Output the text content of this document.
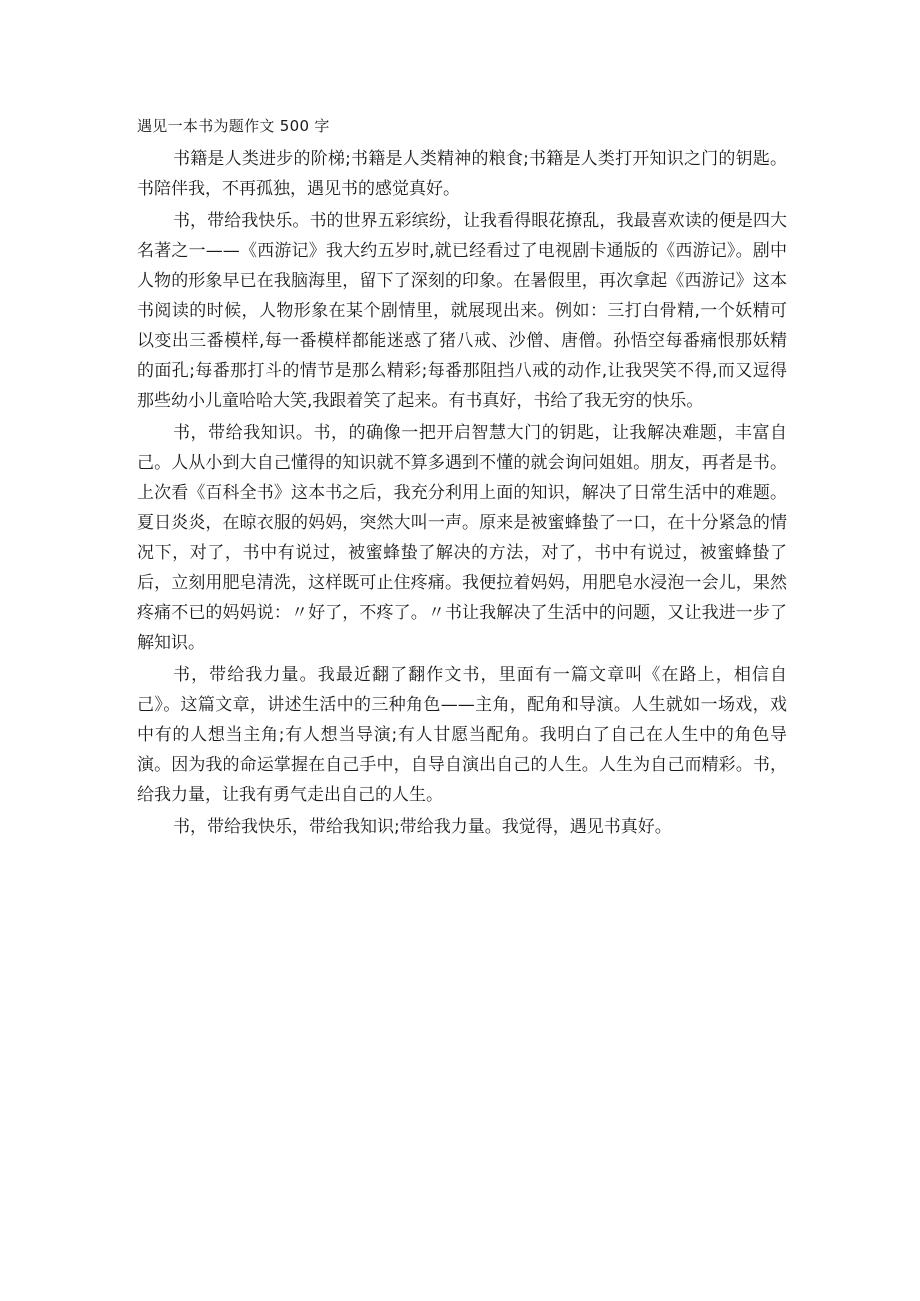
遇见一本书为题作文 500 字

书籍是人类进步的阶梯;书籍是人类精神的粮食;书籍是人类打开知识之门的钥匙。书陪伴我，不再孤独，遇见书的感觉真好。

书，带给我快乐。书的世界五彩缤纷，让我看得眼花撩乱，我最喜欢读的便是四大名著之一——《西游记》我大约五岁时,就已经看过了电视剧卡通版的《西游记》。剧中人物的形象早已在我脑海里，留下了深刻的印象。在暑假里，再次拿起《西游记》这本书阅读的时候，人物形象在某个剧情里，就展现出来。例如：三打白骨精,一个妖精可以变出三番模样,每一番模样都能迷惑了猪八戒、沙僧、唐僧。孙悟空每番痛恨那妖精的面孔;每番那打斗的情节是那么精彩;每番那阻挡八戒的动作,让我哭笑不得,而又逗得那些幼小儿童哈哈大笑,我跟着笑了起来。有书真好，书给了我无穷的快乐。

书，带给我知识。书，的确像一把开启智慧大门的钥匙，让我解决难题，丰富自己。人从小到大自己懂得的知识就不算多遇到不懂的就会询问姐姐。朋友，再者是书。上次看《百科全书》这本书之后，我充分利用上面的知识，解决了日常生活中的难题。夏日炎炎，在晾衣服的妈妈，突然大叫一声。原来是被蜜蜂蛰了一口，在十分紧急的情况下，对了，书中有说过，被蜜蜂蛰了解决的方法，对了，书中有说过，被蜜蜂蛰了后，立刻用肥皂清洗，这样既可止住疼痛。我便拉着妈妈，用肥皂水浸泡一会儿，果然疼痛不已的妈妈说：〃好了，不疼了。〃书让我解决了生活中的问题，又让我进一步了解知识。

书，带给我力量。我最近翻了翻作文书，里面有一篇文章叫《在路上，相信自己》。这篇文章，讲述生活中的三种角色——主角，配角和导演。人生就如一场戏，戏中有的人想当主角;有人想当导演;有人甘愿当配角。我明白了自己在人生中的角色导演。因为我的命运掌握在自己手中，自导自演出自己的人生。人生为自己而精彩。书，给我力量，让我有勇气走出自己的人生。

书，带给我快乐，带给我知识;带给我力量。我觉得，遇见书真好。
